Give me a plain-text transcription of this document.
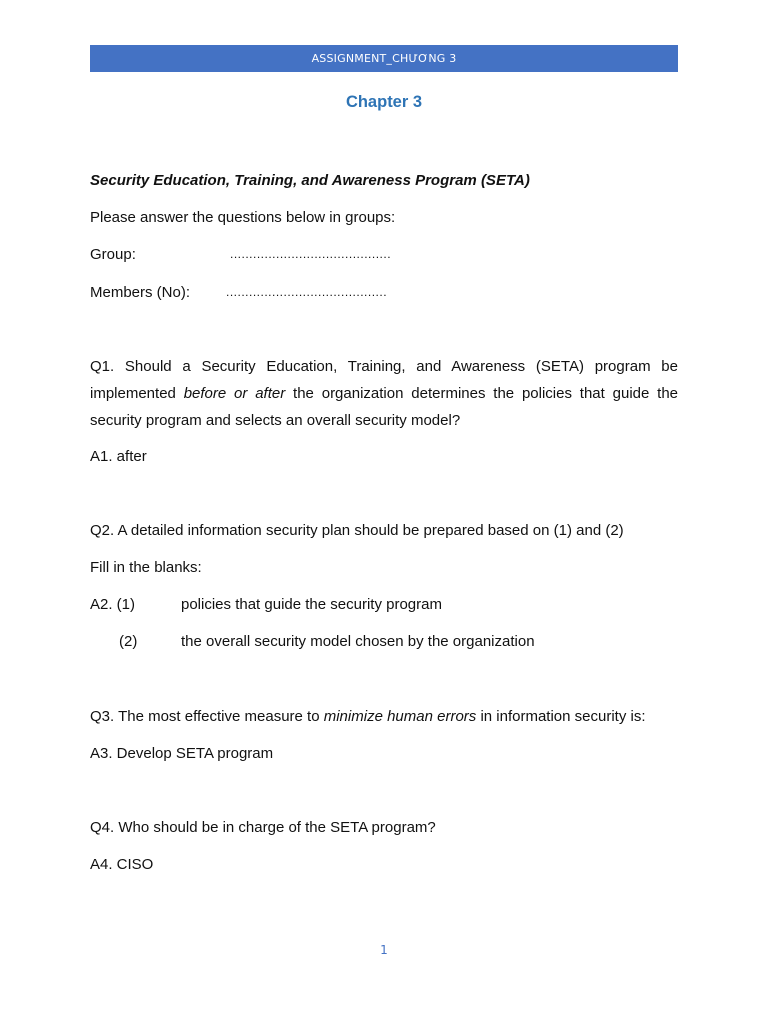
ASSIGNMENT_CHƯƠNG 3
Chapter 3
Security Education, Training, and Awareness Program (SETA)
Please answer the questions below in groups:
Group:	..........................................
Members (No):	..........................................
Q1. Should a Security Education, Training, and Awareness (SETA) program be implemented before or after the organization determines the policies that guide the security program and selects an overall security model?
A1. after
Q2. A detailed information security plan should be prepared based on (1) and (2)
Fill in the blanks:
A2. (1)	policies that guide the security program
(2)	the overall security model chosen by the organization
Q3. The most effective measure to minimize human errors in information security is:
A3. Develop SETA program
Q4. Who should be in charge of the SETA program?
A4. CISO
1
